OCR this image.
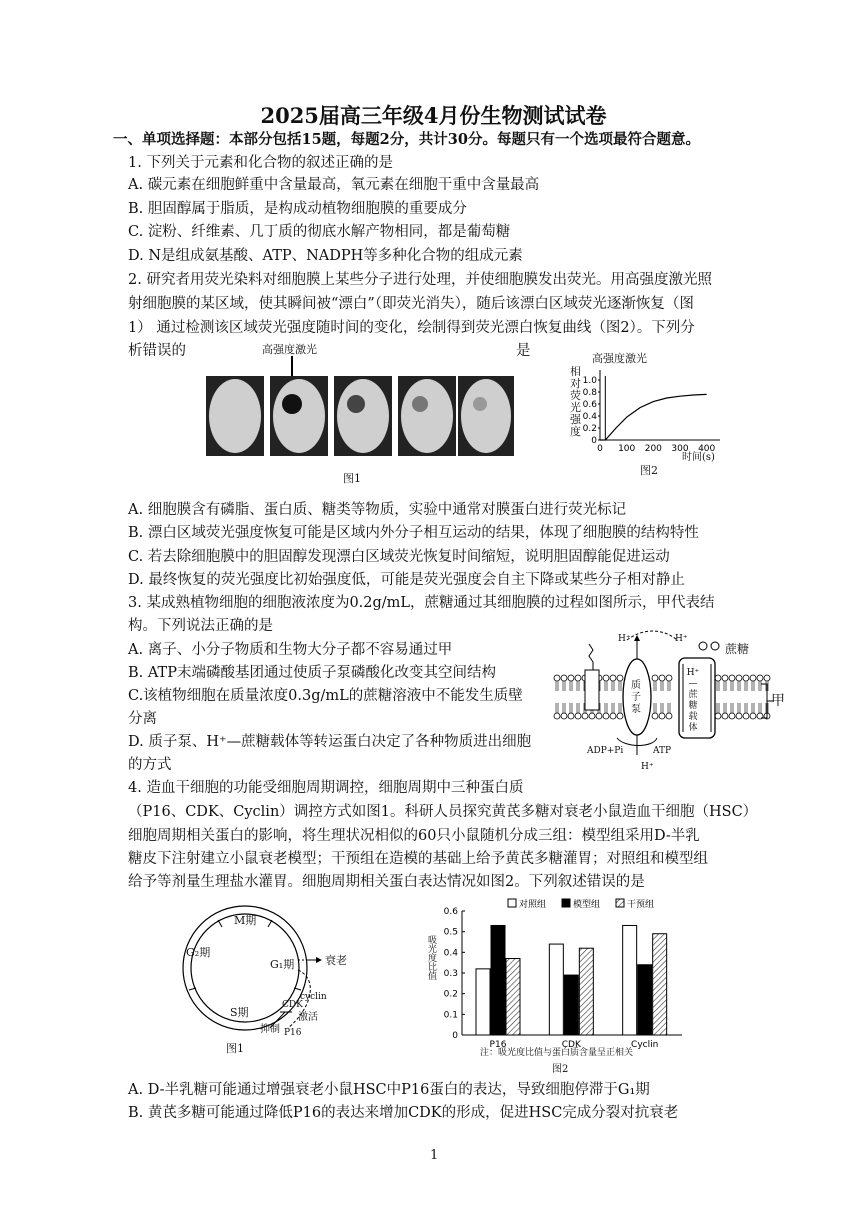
2025届高三年级4月份生物测试试卷
一、单项选择题：本部分包括15题，每题2分，共计30分。每题只有一个选项最符合题意。
1. 下列关于元素和化合物的叙述正确的是
A. 碳元素在细胞鲜重中含量最高，氧元素在细胞干重中含量最高
B. 胆固醇属于脂质，是构成动植物细胞膜的重要成分
C. 淀粉、纤维素、几丁质的彻底水解产物相同，都是葡萄糖
D. N是组成氨基酸、ATP、NADPH等多种化合物的组成元素
2. 研究者用荧光染料对细胞膜上某些分子进行处理，并使细胞膜发出荧光。用高强度激光照
射细胞膜的某区域，使其瞬间被“漂白”（即荧光消失），随后该漂白区域荧光逐渐恢复（图
1） 通过检测该区域荧光强度随时间的变化，绘制得到荧光漂白恢复曲线（图2）。下列分
析错误的	是
高强度激光
图1
高强度激光
相
对
荧
光
强
度
0 100 200 300 400
0
0.2
0.4
0.6
0.8
1.0
时间(s)
图2
A. 细胞膜含有磷脂、蛋白质、糖类等物质，实验中通常对膜蛋白进行荧光标记
B. 漂白区域荧光强度恢复可能是区域内外分子相互运动的结果，体现了细胞膜的结构特性
C. 若去除细胞膜中的胆固醇发现漂白区域荧光恢复时间缩短，说明胆固醇能促进运动
D. 最终恢复的荧光强度比初始强度低，可能是荧光强度会自主下降或某些分子相对静止
3. 某成熟植物细胞的细胞液浓度为0.2g/mL，蔗糖通过其细胞膜的过程如图所示，甲代表结
构。下列说法正确的是
A. 离子、小分子物质和生物大分子都不容易通过甲
B. ATP末端磷酸基团通过使质子泵磷酸化改变其空间结构
C.该植物细胞在质量浓度0.3g/mL的蔗糖溶液中不能发生质壁
分离
D. 质子泵、H⁺—蔗糖载体等转运蛋白决定了各种物质进出细胞
的方式
H⁺	H⁺
蔗糖
甲
质
子
泵
H⁺
—
蔗
糖
载
体
ADP+Pi	ATP
H⁺
4. 造血干细胞的功能受细胞周期调控，细胞周期中三种蛋白质
（P16、CDK、Cyclin）调控方式如图1。科研人员探究黄芪多糖对衰老小鼠造血干细胞（HSC）
细胞周期相关蛋白的影响，将生理状况相似的60只小鼠随机分成三组：模型组采用D-半乳
糖皮下注射建立小鼠衰老模型；干预组在造模的基础上给予黄芪多糖灌胃；对照组和模型组
给予等剂量生理盐水灌胃。细胞周期相关蛋白表达情况如图2。下列叙述错误的是
M期
G₂期
G₁期
S期
衰老
cyclin
CDK
激活
抑制 P16
图1
0
0.1
0.2
0.3
0.4
0.5
0.6
P16	CDK	Cyclin
对照组	模型组	干预组
吸光度比值
注：吸光度比值与蛋白质含量呈正相关
图2
A. D-半乳糖可能通过增强衰老小鼠HSC中P16蛋白的表达，导致细胞停滞于G₁期
B. 黄芪多糖可能通过降低P16的表达来增加CDK的形成，促进HSC完成分裂对抗衰老
1
